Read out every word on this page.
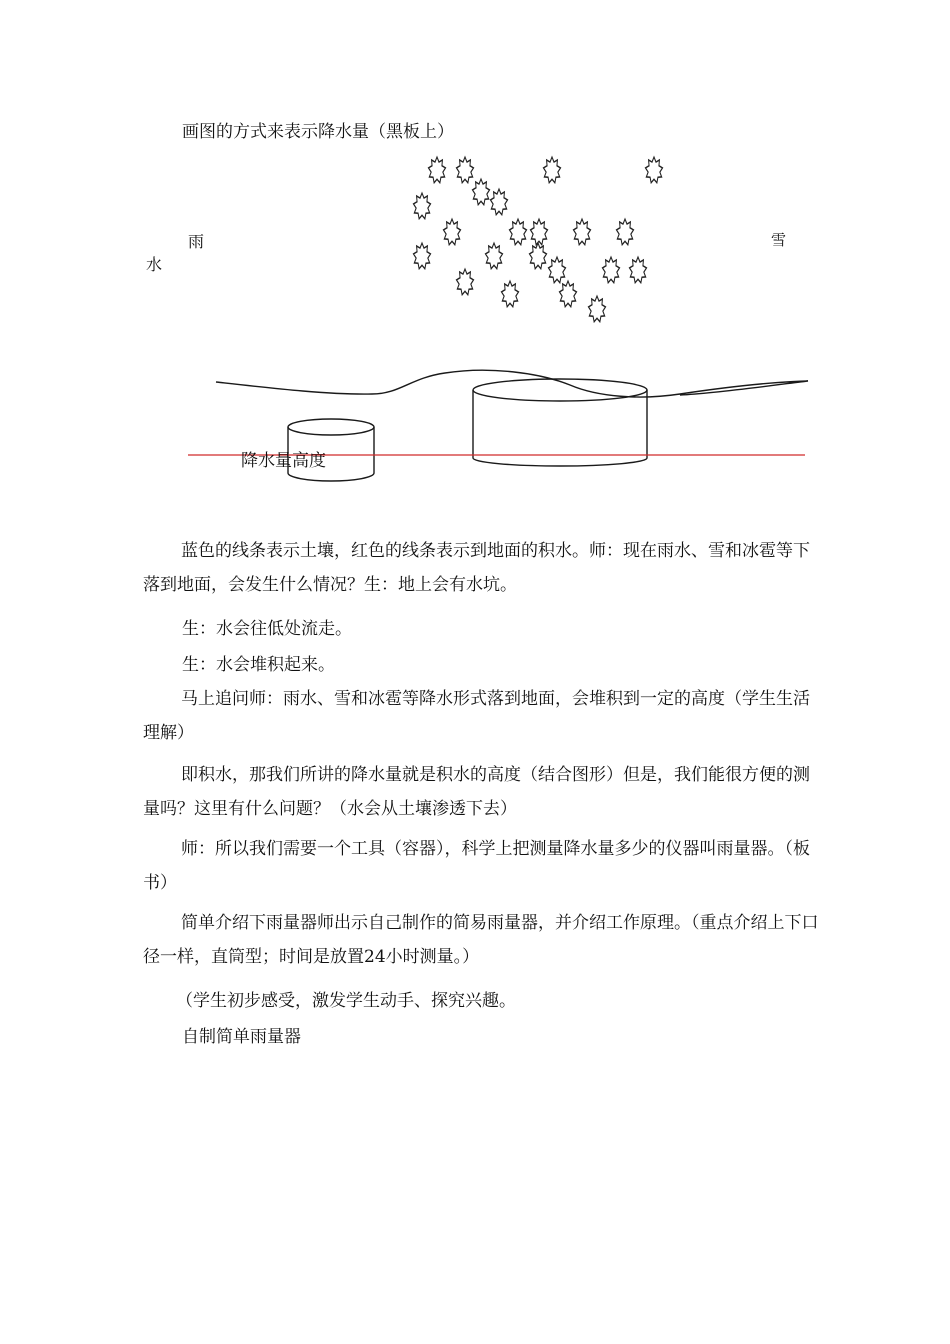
画图的方式来表示降水量（黑板上）
雨
水
雪
降水量高度

蓝色的线条表示土壤，红色的线条表示到地面的积水。师：现在雨水、雪和冰雹等下落到地面，会发生什么情况？生：地上会有水坑。

生：水会往低处流走。
生：水会堆积起来。

马上追问师：雨水、雪和冰雹等降水形式落到地面，会堆积到一定的高度（学生生活理解）

即积水，那我们所讲的降水量就是积水的高度（结合图形）但是，我们能很方便的测量吗？这里有什么问题？（水会从土壤渗透下去）

师：所以我们需要一个工具（容器），科学上把测量降水量多少的仪器叫雨量器。（板书）

简单介绍下雨量器师出示自己制作的简易雨量器，并介绍工作原理。（重点介绍上下口径一样，直筒型；时间是放置24小时测量。）

（学生初步感受，激发学生动手、探究兴趣。
自制简单雨量器
